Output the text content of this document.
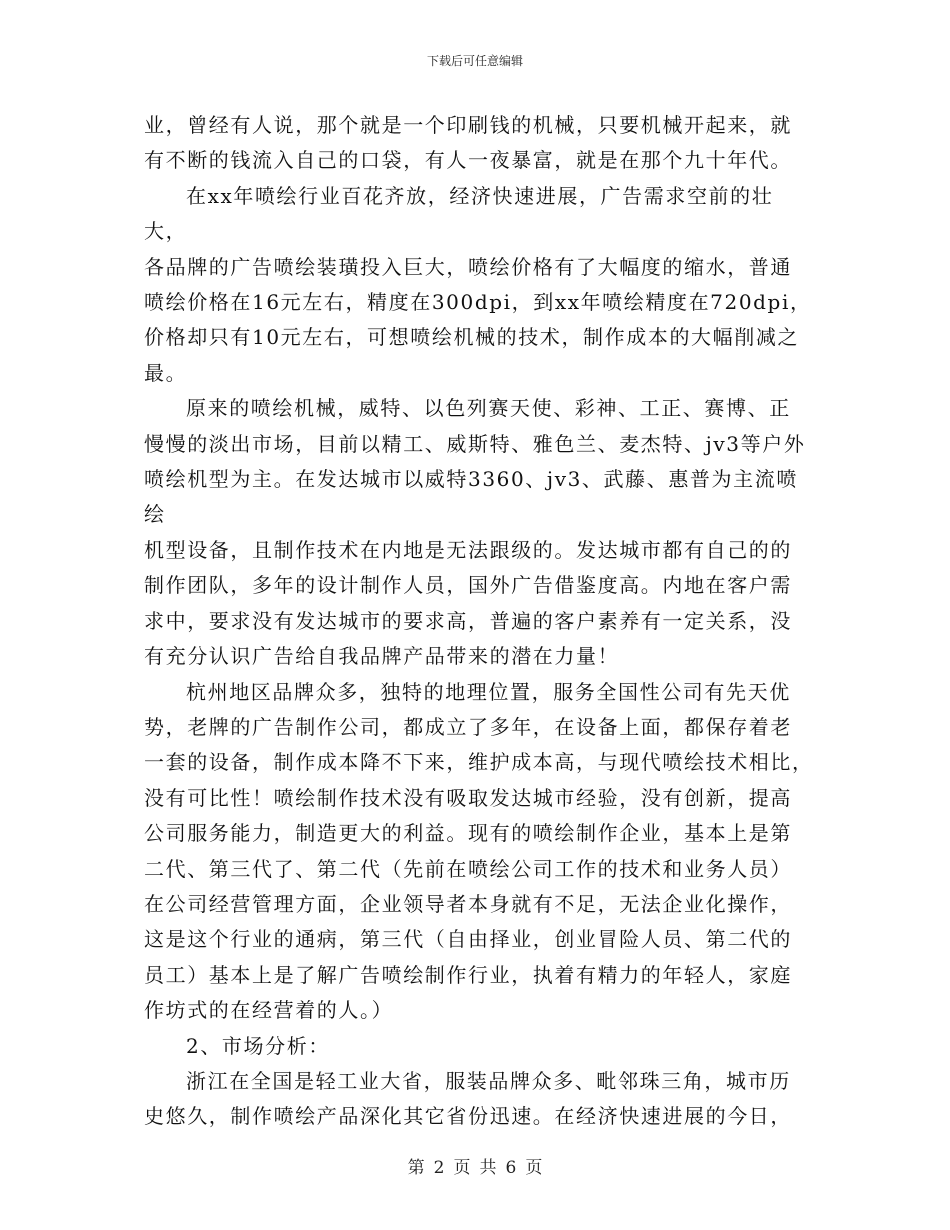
下载后可任意编辑

业，曾经有人说，那个就是一个印刷钱的机械，只要机械开起来，就

有不断的钱流入自己的口袋，有人一夜暴富，就是在那个九十年代。

在xx年喷绘行业百花齐放，经济快速进展，广告需求空前的壮大，

各品牌的广告喷绘装璜投入巨大，喷绘价格有了大幅度的缩水，普通

喷绘价格在16元左右，精度在300dpi，到xx年喷绘精度在720dpi，

价格却只有10元左右，可想喷绘机械的技术，制作成本的大幅削减之

最。

原来的喷绘机械，威特、以色列赛天使、彩神、工正、赛博、正

慢慢的淡出市场，目前以精工、威斯特、雅色兰、麦杰特、jv3等户外

喷绘机型为主。在发达城市以威特3360、jv3、武藤、惠普为主流喷绘

机型设备，且制作技术在内地是无法跟级的。发达城市都有自己的的

制作团队，多年的设计制作人员，国外广告借鉴度高。内地在客户需

求中，要求没有发达城市的要求高，普遍的客户素养有一定关系，没

有充分认识广告给自我品牌产品带来的潜在力量！

杭州地区品牌众多，独特的地理位置，服务全国性公司有先天优

势，老牌的广告制作公司，都成立了多年，在设备上面，都保存着老

一套的设备，制作成本降不下来，维护成本高，与现代喷绘技术相比，

没有可比性！喷绘制作技术没有吸取发达城市经验，没有创新，提高

公司服务能力，制造更大的利益。现有的喷绘制作企业，基本上是第

二代、第三代了、第二代（先前在喷绘公司工作的技术和业务人员）

在公司经营管理方面，企业领导者本身就有不足，无法企业化操作，

这是这个行业的通病，第三代（自由择业，创业冒险人员、第二代的

员工）基本上是了解广告喷绘制作行业，执着有精力的年轻人，家庭

作坊式的在经营着的人。）

2、市场分析：

浙江在全国是轻工业大省，服装品牌众多、毗邻珠三角，城市历

史悠久，制作喷绘产品深化其它省份迅速。在经济快速进展的今日，

第 2 页 共 6 页
